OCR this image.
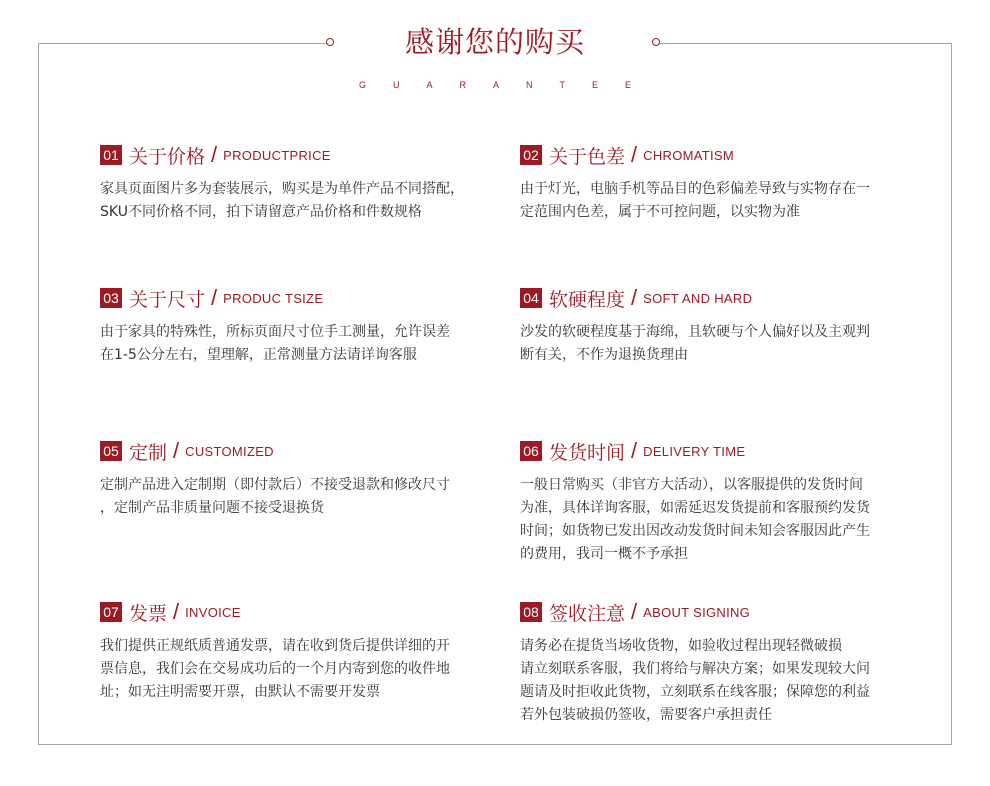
感谢您的购买
GUARANTEE
01 关于价格 / PRODUCTPRICE
家具页面图片多为套装展示，购买是为单件产品不同搭配，
SKU不同价格不同，拍下请留意产品价格和件数规格
02 关于色差 / CHROMATISM
由于灯光，电脑手机等品目的色彩偏差导致与实物存在一
定范围内色差，属于不可控问题，以实物为准
03 关于尺寸 / PRODUC TSIZE
由于家具的特殊性，所标页面尺寸位手工测量，允许误差
在1-5公分左右，望理解，正常测量方法请详询客服
04 软硬程度 / SOFT AND HARD
沙发的软硬程度基于海绵，且软硬与个人偏好以及主观判
断有关，不作为退换货理由
05 定制 / CUSTOMIZED
定制产品进入定制期（即付款后）不接受退款和修改尺寸
，定制产品非质量问题不接受退换货
06 发货时间 / DELIVERY TIME
一般日常购买（非官方大活动），以客服提供的发货时间
为准，具体详询客服，如需延迟发货提前和客服预约发货
时间；如货物已发出因改动发货时间未知会客服因此产生
的费用，我司一概不予承担
07 发票 / INVOICE
我们提供正规纸质普通发票，请在收到货后提供详细的开
票信息，我们会在交易成功后的一个月内寄到您的收件地
址；如无注明需要开票，由默认不需要开发票
08 签收注意 / ABOUT SIGNING
请务必在提货当场收货物，如验收过程出现轻微破损
请立刻联系客服，我们将给与解决方案；如果发现较大问
题请及时拒收此货物，立刻联系在线客服；保障您的利益
若外包装破损仍签收，需要客户承担责任
